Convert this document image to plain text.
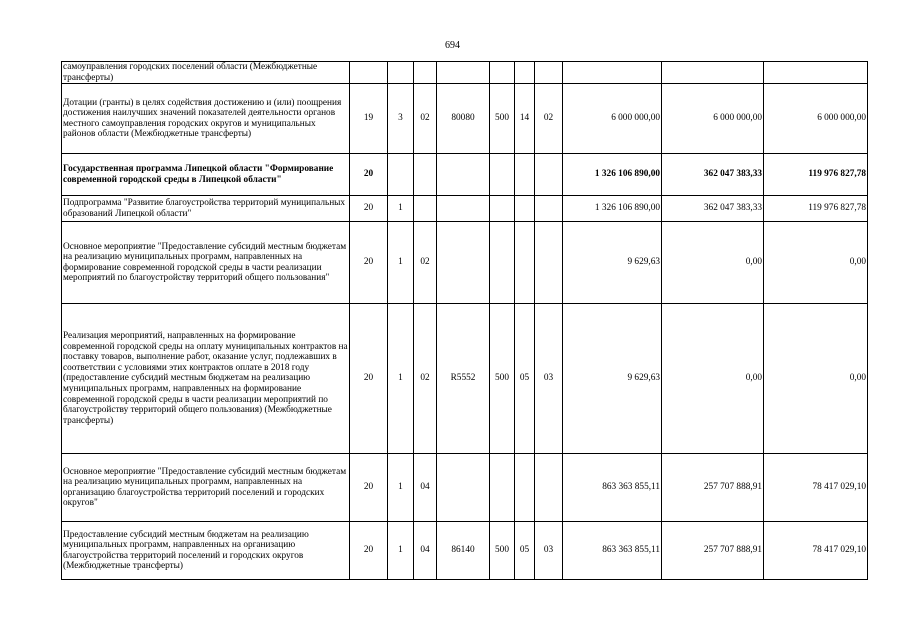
694
самоуправления городских поселений области (Межбюджетные трансферты)										
Дотации (гранты) в целях содействия достижению и (или) поощрения достижения наилучших значений показателей деятельности органов местного самоуправления городских округов и муниципальных районов области (Межбюджетные трансферты)	19	3	02	80080	500	14	02	6 000 000,00	6 000 000,00	6 000 000,00
Государственная программа Липецкой области "Формирование современной городской среды в Липецкой области"	20							1 326 106 890,00	362 047 383,33	119 976 827,78
Подпрограмма "Развитие благоустройства территорий муниципальных образований Липецкой области"	20	1						1 326 106 890,00	362 047 383,33	119 976 827,78
Основное мероприятие "Предоставление субсидий местным бюджетам на реализацию муниципальных программ, направленных на формирование современной городской среды в части реализации мероприятий по благоустройству территорий общего пользования"	20	1	02					9 629,63	0,00	0,00
Реализация мероприятий, направленных на формирование современной городской среды на оплату муниципальных контрактов на поставку товаров, выполнение работ, оказание услуг, подлежавших в соответствии с условиями этих контрактов оплате в 2018 году (предоставление субсидий местным бюджетам на реализацию муниципальных программ, направленных на формирование современной городской среды в части реализации мероприятий по благоустройству территорий общего пользования) (Межбюджетные трансферты)	20	1	02	R5552	500	05	03	9 629,63	0,00	0,00
Основное мероприятие "Предоставление субсидий местным бюджетам на реализацию муниципальных программ, направленных на организацию благоустройства территорий поселений и городских округов"	20	1	04					863 363 855,11	257 707 888,91	78 417 029,10
Предоставление субсидий местным бюджетам на реализацию муниципальных программ, направленных на организацию благоустройства территорий поселений и городских округов (Межбюджетные трансферты)	20	1	04	86140	500	05	03	863 363 855,11	257 707 888,91	78 417 029,10
